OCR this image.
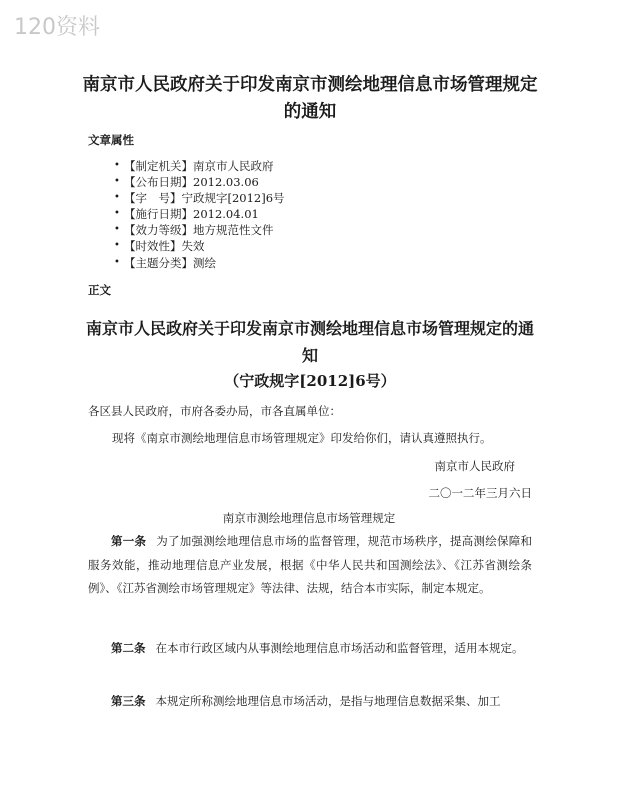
120资料
南京市人民政府关于印发南京市测绘地理信息市场管理规定的通知
文章属性
• 【制定机关】南京市人民政府
• 【公布日期】2012.03.06
• 【字　号】宁政规字[2012]6号
• 【施行日期】2012.04.01
• 【效力等级】地方规范性文件
• 【时效性】失效
• 【主题分类】测绘
正文
南京市人民政府关于印发南京市测绘地理信息市场管理规定的通知
（宁政规字[2012]6号）
各区县人民政府，市府各委办局，市各直属单位：
现将《南京市测绘地理信息市场管理规定》印发给你们，请认真遵照执行。
南京市人民政府
二〇一二年三月六日
南京市测绘地理信息市场管理规定
第一条 为了加强测绘地理信息市场的监督管理，规范市场秩序，提高测绘保障和服务效能，推动地理信息产业发展，根据《中华人民共和国测绘法》、《江苏省测绘条例》、《江苏省测绘市场管理规定》等法律、法规，结合本市实际，制定本规定。
第二条 在本市行政区域内从事测绘地理信息市场活动和监督管理，适用本规定。
第三条 本规定所称测绘地理信息市场活动，是指与地理信息数据采集、加工
